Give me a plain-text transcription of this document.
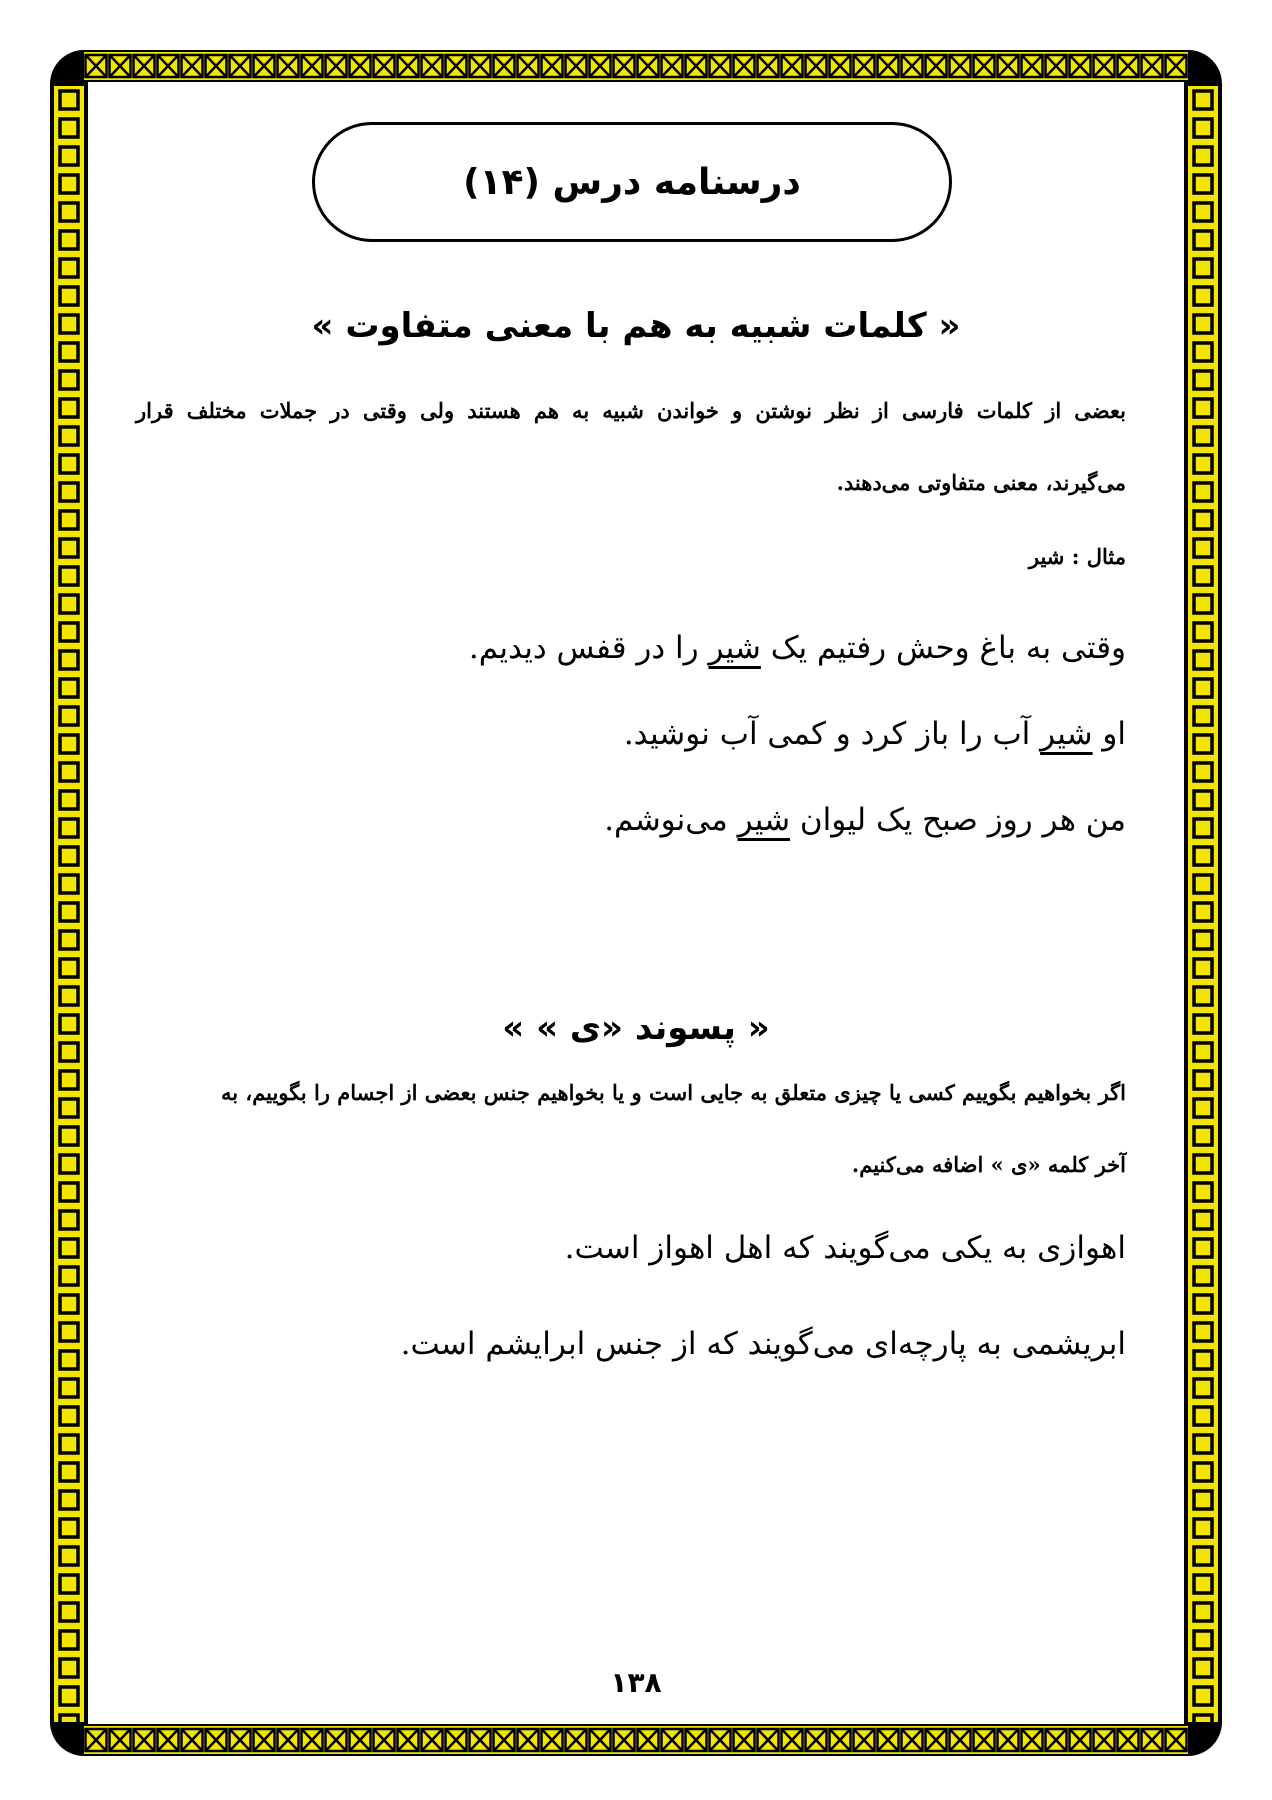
درسنامه درس (۱۴)
« کلمات شبیه به هم با معنی متفاوت »

بعضی از کلمات فارسی از نظر نوشتن و خواندن شبیه به هم هستند ولی وقتی در جملات مختلف قرار

می‌گیرند، معنی متفاوتی می‌دهند.

مثال : شیر

وقتی به باغ وحش رفتیم یک شیر را در قفس دیدیم.

او شیر آب را باز کرد و کمی آب نوشید.

من هر روز صبح یک لیوان شیر می‌نوشم.

« پسوند «ی » »

اگر بخواهیم بگوییم کسی یا چیزی متعلق به جایی است و یا بخواهیم جنس بعضی از اجسام را بگوییم، به

آخر کلمه «ی » اضافه می‌کنیم.

اهوازی به یکی می‌گویند که اهل اهواز است.

ابریشمی به پارچه‌ای می‌گویند که از جنس ابرایشم است.

۱۳۸
